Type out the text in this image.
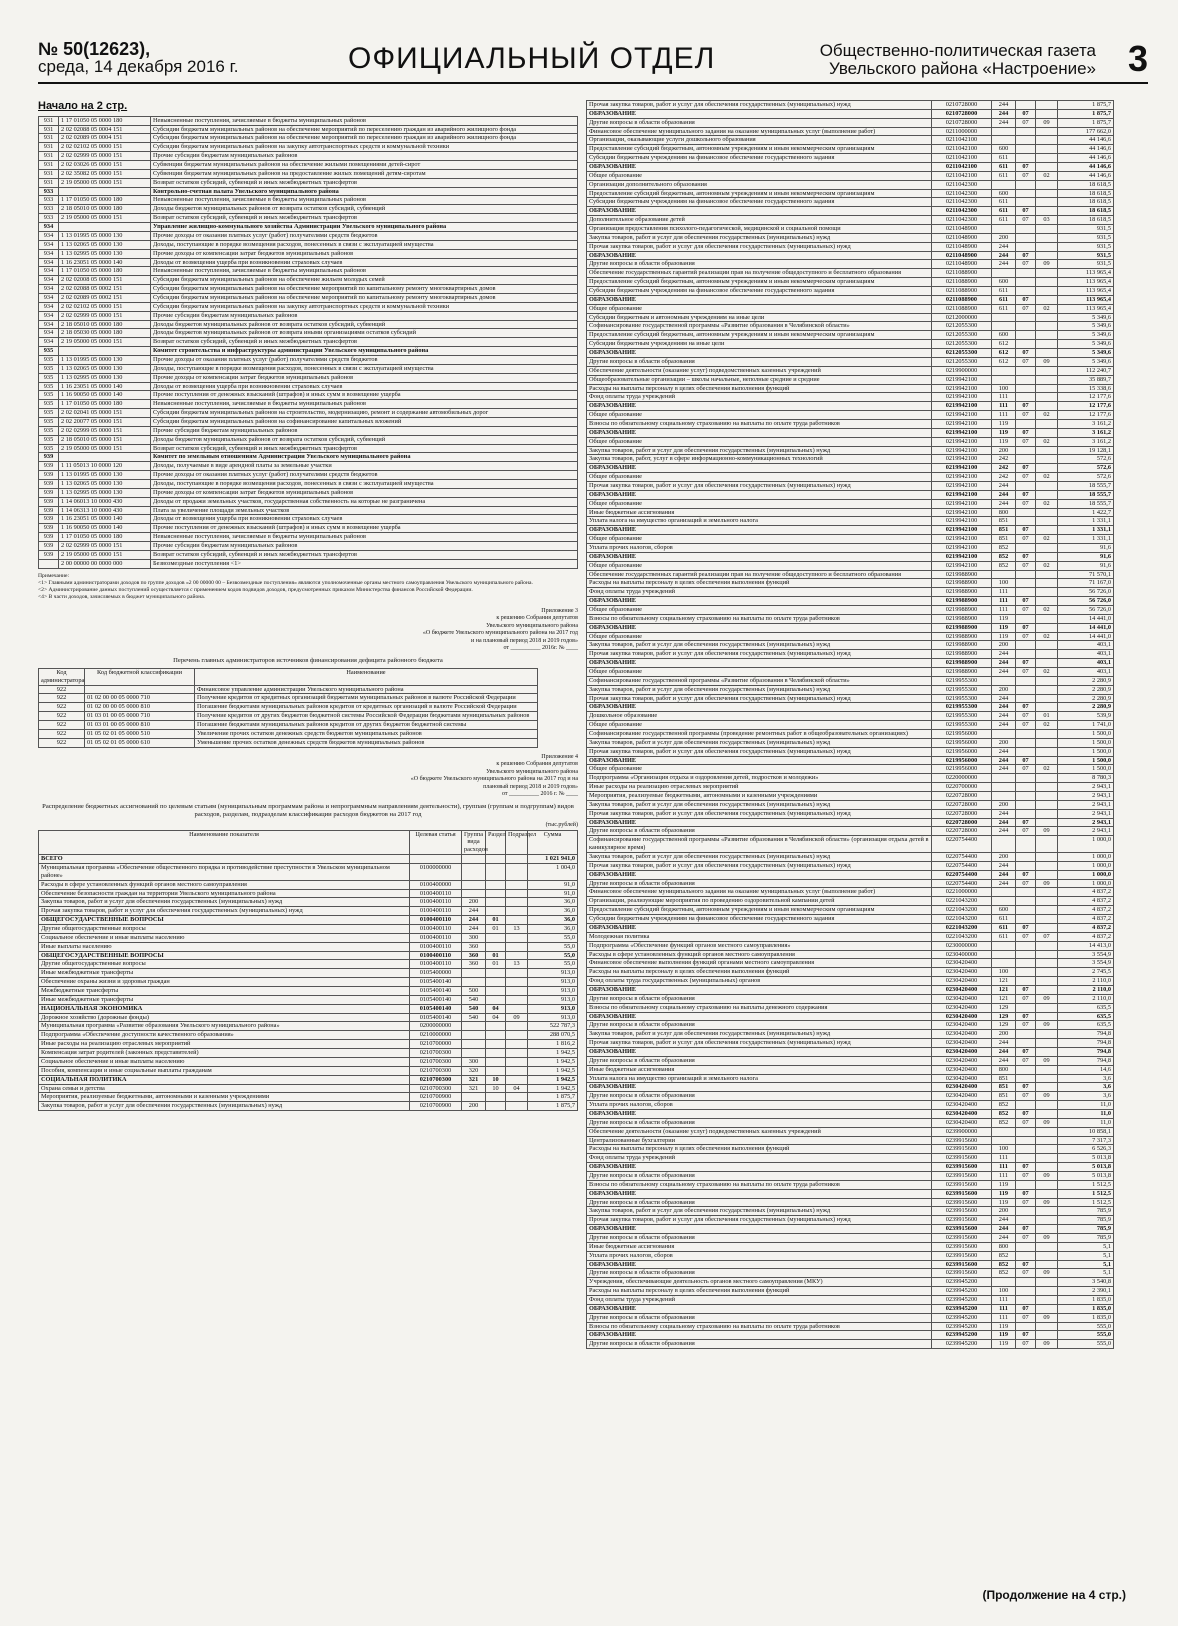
№ 50(12623),
среда, 14 декабря 2016 г.	ОФИЦИАЛЬНЫЙ ОТДЕЛ	Общественно-политическая газета
Увельского района «Настроение» 3
Начало на 2 стр.
931	1 17 01050 05 0000 180	Невыясненные поступления, зачисляемые в бюджеты муниципальных районов
931	2 02 02088 05 0004 151	Субсидии бюджетам муниципальных районов на обеспечение мероприятий по переселению граждан из аварийного жилищного фонда
931	2 02 02089 05 0004 151	Субсидии бюджетам муниципальных районов на обеспечение мероприятий по переселению граждан из аварийного жилищного фонда
931	2 02 02102 05 0000 151	Субсидии бюджетам муниципальных районов на закупку автотранспортных средств и коммунальной техники
931	2 02 02999 05 0000 151	Прочие субсидии бюджетам муниципальных районов
931	2 02 03026 05 0000 151	Субвенции бюджетам муниципальных районов на обеспечение жилыми помещениями детей-сирот
931	2 02 35082 05 0000 151	Субвенции бюджетам муниципальных районов на предоставление жилых помещений детям-сиротам
931	2 19 05000 05 0000 151	Возврат остатков субсидий, субвенций и иных межбюджетных трансфертов
933		Контрольно-счетная палата Увельского муниципального района
933	1 17 01050 05 0000 180	Невыясненные поступления, зачисляемые в бюджеты муниципальных районов
933	2 18 05010 05 0000 180	Доходы бюджетов муниципальных районов от возврата остатков субсидий, субвенций
933	2 19 05000 05 0000 151	Возврат остатков субсидий, субвенций и иных межбюджетных трансфертов
934		Управление жилищно-коммунального хозяйства Администрации Увельского муниципального района
934	1 13 01995 05 0000 130	Прочие доходы от оказания платных услуг (работ) получателями средств бюджетов
934	1 13 02065 05 0000 130	Доходы, поступающие в порядке возмещения расходов, понесенных в связи с эксплуатацией имущества
934	1 13 02995 05 0000 130	Прочие доходы от компенсации затрат бюджетов муниципальных районов
934	1 16 23051 05 0000 140	Доходы от возмещения ущерба при возникновении страховых случаев
934	1 17 01050 05 0000 180	Невыясненные поступления, зачисляемые в бюджеты муниципальных районов
934	2 02 02008 05 0000 151	Субсидии бюджетам муниципальных районов на обеспечение жильем молодых семей
934	2 02 02088 05 0002 151	Субсидии бюджетам муниципальных районов на обеспечение мероприятий по капитальному ремонту многоквартирных домов
934	2 02 02089 05 0002 151	Субсидии бюджетам муниципальных районов на обеспечение мероприятий по капитальному ремонту многоквартирных домов
934	2 02 02102 05 0000 151	Субсидии бюджетам муниципальных районов на закупку автотранспортных средств и коммунальной техники
934	2 02 02999 05 0000 151	Прочие субсидии бюджетам муниципальных районов
934	2 18 05010 05 0000 180	Доходы бюджетов муниципальных районов от возврата остатков субсидий, субвенций
934	2 18 05030 05 0000 180	Доходы бюджетов муниципальных районов от возврата иными организациями остатков субсидий
934	2 19 05000 05 0000 151	Возврат остатков субсидий, субвенций и иных межбюджетных трансфертов
935		Комитет строительства и инфраструктуры администрации Увельского муниципального района
935	1 13 01995 05 0000 130	Прочие доходы от оказания платных услуг (работ) получателями средств бюджетов
935	1 13 02065 05 0000 130	Доходы, поступающие в порядке возмещения расходов, понесенных в связи с эксплуатацией имущества
935	1 13 02995 05 0000 130	Прочие доходы от компенсации затрат бюджетов муниципальных районов
935	1 16 23051 05 0000 140	Доходы от возмещения ущерба при возникновении страховых случаев
935	1 16 90050 05 0000 140	Прочие поступления от денежных взысканий (штрафов) и иных сумм в возмещение ущерба
935	1 17 01050 05 0000 180	Невыясненные поступления, зачисляемые в бюджеты муниципальных районов
935	2 02 02041 05 0000 151	Субсидии бюджетам муниципальных районов на строительство, модернизацию, ремонт и содержание автомобильных дорог
935	2 02 20077 05 0000 151	Субсидии бюджетам муниципальных районов на софинансирование капитальных вложений
935	2 02 02999 05 0000 151	Прочие субсидии бюджетам муниципальных районов
935	2 18 05010 05 0000 151	Доходы бюджетов муниципальных районов от возврата остатков субсидий, субвенций
935	2 19 05000 05 0000 151	Возврат остатков субсидий, субвенций и иных межбюджетных трансфертов
939		Комитет по земельным отношениям Администрации Увельского муниципального района
939	1 11 05013 10 0000 120	Доходы, получаемые в виде арендной платы за земельные участки
939	1 13 01995 05 0000 130	Прочие доходы от оказания платных услуг (работ) получателями средств бюджетов
939	1 13 02065 05 0000 130	Доходы, поступающие в порядке возмещения расходов, понесенных в связи с эксплуатацией имущества
939	1 13 02995 05 0000 130	Прочие доходы от компенсации затрат бюджетов муниципальных районов
939	1 14 06013 10 0000 430	Доходы от продажи земельных участков, государственная собственность на которые не разграничена
939	1 14 06313 10 0000 430	Плата за увеличение площади земельных участков
939	1 16 23051 05 0000 140	Доходы от возмещения ущерба при возникновении страховых случаев
939	1 16 90050 05 0000 140	Прочие поступления от денежных взысканий (штрафов) и иных сумм в возмещение ущерба
939	1 17 01050 05 0000 180	Невыясненные поступления, зачисляемые в бюджеты муниципальных районов
939	2 02 02999 05 0000 151	Прочие субсидии бюджетам муниципальных районов
939	2 19 05000 05 0000 151	Возврат остатков субсидий, субвенций и иных межбюджетных трансфертов
	2 00 00000 00 0000 000	Безвозмездные поступления <1>
Примечание:
<1> Главными администраторами доходов по группе доходов «2 00 00000 00 – Безвозмездные поступления» являются уполномоченные органы местного самоуправления Увельского муниципального района.
<2> Администрирование данных поступлений осуществляется с применением кодов подвидов доходов, предусмотренных приказом Министерства финансов Российской Федерации.
<4> В части доходов, зачисляемых в бюджет муниципального района.
Приложение 3
к решению Собрания депутатов
Увельского муниципального района
«О бюджете Увельского муниципального района на 2017 год
и на плановый период 2018 и 2019 годов»
от __________ 2016г. № ____
Перечень главных администраторов источников финансирования дефицита районного бюджета
Код администратора	Код бюджетной классификации	Наименование
922		Финансовое управление администрации Увельского муниципального района
922	01 02 00 00 05 0000 710	Получение кредитов от кредитных организаций бюджетами муниципальных районов в валюте Российской Федерации
922	01 02 00 00 05 0000 810	Погашение бюджетами муниципальных районов кредитов от кредитных организаций в валюте Российской Федерации
922	01 03 01 00 05 0000 710	Получение кредитов от других бюджетов бюджетной системы Российской Федерации бюджетами муниципальных районов
922	01 03 01 00 05 0000 810	Погашение бюджетами муниципальных районов кредитов от других бюджетов бюджетной системы
922	01 05 02 01 05 0000 510	Увеличение прочих остатков денежных средств бюджетов муниципальных районов
922	01 05 02 01 05 0000 610	Уменьшение прочих остатков денежных средств бюджетов муниципальных районов
Приложение 4
к решению Собрания депутатов
Увельского муниципального района
«О бюджете Увельского муниципального района на 2017 год и на
плановый период 2018 и 2019 годов»
от __________ 2016 г. № ____
Распределение бюджетных ассигнований по целевым статьям (муниципальным программам района и непрограммным направлениям деятельности), группам (группам и подгруппам) видов расходов, разделам, подразделам классификации расходов бюджетов на 2017 год
(тыс.рублей)
Наименование показателя	Целевая статья	Группа вида расходов	Раздел	Подраздел	Сумма
ВСЕГО					1 021 941,0
Муниципальная программа «Обеспечение общественного порядка и противодействие преступности в Увельском муниципальном районе»	0100000000				1 004,0
Расходы в сфере установленных функций органов местного самоуправления	0100400000				91,0
Обеспечение безопасности граждан на территории Увельского муниципального района	0100400110				91,0
Закупка товаров, работ и услуг для обеспечения государственных (муниципальных) нужд	0100400110	200			36,0
Прочая закупка товаров, работ и услуг для обеспечения государственных (муниципальных) нужд	0100400110	244			36,0
ОБЩЕГОСУДАРСТВЕННЫЕ ВОПРОСЫ	0100400110	244	01		36,0
Другие общегосударственные вопросы	0100400110	244	01	13	36,0
Социальное обеспечение и иные выплаты населению	0100400110	300			55,0
Иные выплаты населению	0100400110	360			55,0
ОБЩЕГОСУДАРСТВЕННЫЕ ВОПРОСЫ	0100400110	360	01		55,0
Другие общегосударственные вопросы	0100400110	360	01	13	55,0
Иные межбюджетные трансферты	0105400000				913,0
Обеспечение охраны жизни и здоровья граждан	0105400140				913,0
Межбюджетные трансферты	0105400140	500			913,0
Иные межбюджетные трансферты	0105400140	540			913,0
НАЦИОНАЛЬНАЯ ЭКОНОМИКА	0105400140	540	04		913,0
Дорожное хозяйство (дорожные фонды)	0105400140	540	04	09	913,0
Муниципальная программа «Развитие образования Увельского муниципального района»	0200000000				522 787,3
Подпрограмма «Обеспечение доступности качественного образования»	0210000000				288 070,5
Иные расходы на реализацию отраслевых мероприятий	0210700000				1 816,2
Компенсация затрат родителей (законных представителей)	0210700300				1 942,5
Социальное обеспечение и иные выплаты населению	0210700300	300			1 942,5
Пособия, компенсации и иные социальные выплаты гражданам	0210700300	320			1 942,5
СОЦИАЛЬНАЯ ПОЛИТИКА	0210700300	321	10		1 942,5
Охрана семьи и детства	0210700300	321	10	04	1 942,5
Мероприятия, реализуемые бюджетными, автономными и казенными учреждениями	0210700900				1 875,7
Закупка товаров, работ и услуг для обеспечения государственных (муниципальных) нужд	0210700900	200			1 875,7
Прочая закупка товаров, работ и услуг для обеспечения государственных (муниципальных) нужд	0210728000	244			1 875,7
ОБРАЗОВАНИЕ	0210728000	244	07		1 875,7
Другие вопросы в области образования	0210728000	244	07	09	1 875,7
Финансовое обеспечение муниципального задания на оказание муниципальных услуг (выполнение работ)	0211000000				177 662,0
Организации, оказывающие услуги дошкольного образования	0211042100				44 146,6
Предоставление субсидий бюджетным, автономным учреждениям и иным некоммерческим организациям	0211042100	600			44 146,6
Субсидии бюджетным учреждениям на финансовое обеспечение государственного задания	0211042100	611			44 146,6
ОБРАЗОВАНИЕ	0211042100	611	07		44 146,6
Общее образование	0211042100	611	07	02	44 146,6
Организации дополнительного образования	0211042300				18 618,5
Предоставление субсидий бюджетным, автономным учреждениям и иным некоммерческим организациям	0211042300	600			18 618,5
Субсидии бюджетным учреждениям на финансовое обеспечение государственного задания	0211042300	611			18 618,5
ОБРАЗОВАНИЕ	0211042300	611	07		18 618,5
Дополнительное образование детей	0211042300	611	07	03	18 618,5
Организация предоставления психолого-педагогической, медицинской и социальной помощи	0211048900				931,5
Закупка товаров, работ и услуг для обеспечения государственных (муниципальных) нужд	0211048900	200			931,5
Прочая закупка товаров, работ и услуг для обеспечения государственных (муниципальных) нужд	0211048900	244			931,5
ОБРАЗОВАНИЕ	0211048900	244	07		931,5
Другие вопросы в области образования	0211048900	244	07	09	931,5
Обеспечение государственных гарантий реализации прав на получение общедоступного и бесплатного образования	0211088900				113 965,4
Предоставление субсидий бюджетным, автономным учреждениям и иным некоммерческим организациям	0211088900	600			113 965,4
Субсидии бюджетным учреждениям на финансовое обеспечение государственного задания	0211088900	611			113 965,4
ОБРАЗОВАНИЕ	0211088900	611	07		113 965,4
Общее образование	0211088900	611	07	02	113 965,4
Субсидии бюджетным и автономным учреждениям на иные цели	0212000000				5 349,6
Софинансирование государственной программы «Развитие образования в Челябинской области»	0212055300				5 349,6
Предоставление субсидий бюджетным, автономным учреждениям и иным некоммерческим организациям	0212055300	600			5 349,6
Субсидии бюджетным учреждениям на иные цели	0212055300	612			5 349,6
ОБРАЗОВАНИЕ	0212055300	612	07		5 349,6
Другие вопросы в области образования	0212055300	612	07	09	5 349,6
Обеспечение деятельности (оказание услуг) подведомственных казенных учреждений	0219900000				112 240,7
Общеобразовательные организации – школы начальные, неполные средние и средние	0219942100				35 889,7
Расходы на выплаты персоналу в целях обеспечения выполнения функций	0219942100	100			15 338,6
Фонд оплаты труда учреждений	0219942100	111			12 177,6
ОБРАЗОВАНИЕ	0219942100	111	07		12 177,6
Общее образование	0219942100	111	07	02	12 177,6
Взносы по обязательному социальному страхованию на выплаты по оплате труда работников	0219942100	119			3 161,2
ОБРАЗОВАНИЕ	0219942100	119	07		3 161,2
Общее образование	0219942100	119	07	02	3 161,2
Закупка товаров, работ и услуг для обеспечения государственных (муниципальных) нужд	0219942100	200			19 128,1
Закупка товаров, работ, услуг в сфере информационно-коммуникационных технологий	0219942100	242			572,6
ОБРАЗОВАНИЕ	0219942100	242	07		572,6
Общее образование	0219942100	242	07	02	572,6
Прочая закупка товаров, работ и услуг для обеспечения государственных (муниципальных) нужд	0219942100	244			18 555,7
ОБРАЗОВАНИЕ	0219942100	244	07		18 555,7
Общее образование	0219942100	244	07	02	18 555,7
Иные бюджетные ассигнования	0219942100	800			1 422,7
Уплата налога на имущество организаций и земельного налога	0219942100	851			1 331,1
ОБРАЗОВАНИЕ	0219942100	851	07		1 331,1
Общее образование	0219942100	851	07	02	1 331,1
Уплата прочих налогов, сборов	0219942100	852			91,6
ОБРАЗОВАНИЕ	0219942100	852	07		91,6
Общее образование	0219942100	852	07	02	91,6
Обеспечение государственных гарантий реализации прав на получение общедоступного и бесплатного образования	0219988900				71 570,1
Расходы на выплаты персоналу в целях обеспечения выполнения функций	0219988900	100			71 167,0
Фонд оплаты труда учреждений	0219988900	111			56 726,0
ОБРАЗОВАНИЕ	0219988900	111	07		56 726,0
Общее образование	0219988900	111	07	02	56 726,0
Взносы по обязательному социальному страхованию на выплаты по оплате труда работников	0219988900	119			14 441,0
ОБРАЗОВАНИЕ	0219988900	119	07		14 441,0
Общее образование	0219988900	119	07	02	14 441,0
Закупка товаров, работ и услуг для обеспечения государственных (муниципальных) нужд	0219988900	200			403,1
Прочая закупка товаров, работ и услуг для обеспечения государственных (муниципальных) нужд	0219988900	244			403,1
ОБРАЗОВАНИЕ	0219988900	244	07		403,1
Общее образование	0219988900	244	07	02	403,1
Софинансирование государственной программы «Развитие образования в Челябинской области»	0219955300				2 280,9
Закупка товаров, работ и услуг для обеспечения государственных (муниципальных) нужд	0219955300	200			2 280,9
Прочая закупка товаров, работ и услуг для обеспечения государственных (муниципальных) нужд	0219955300	244			2 280,9
ОБРАЗОВАНИЕ	0219955300	244	07		2 280,9
Дошкольное образование	0219955300	244	07	01	539,9
Общее образование	0219955300	244	07	02	1 741,0
Софинансирование государственной программы (проведение ремонтных работ в общеобразовательных организациях)	0219956000				1 500,0
Закупка товаров, работ и услуг для обеспечения государственных (муниципальных) нужд	0219956000	200			1 500,0
Прочая закупка товаров, работ и услуг для обеспечения государственных (муниципальных) нужд	0219956000	244			1 500,0
ОБРАЗОВАНИЕ	0219956000	244	07		1 500,0
Общее образование	0219956000	244	07	02	1 500,0
Подпрограмма «Организация отдыха и оздоровления детей, подростков и молодежи»	0220000000				8 780,3
Иные расходы на реализацию отраслевых мероприятий	0220700000				2 943,1
Мероприятия, реализуемые бюджетными, автономными и казенными учреждениями	0220728000				2 943,1
Закупка товаров, работ и услуг для обеспечения государственных (муниципальных) нужд	0220728000	200			2 943,1
Прочая закупка товаров, работ и услуг для обеспечения государственных (муниципальных) нужд	0220728000	244			2 943,1
ОБРАЗОВАНИЕ	0220728000	244	07		2 943,1
Другие вопросы в области образования	0220728000	244	07	09	2 943,1
Софинансирование государственной программы «Развитие образования в Челябинской области» (организация отдыха детей в каникулярное время)	0220754400				1 000,0
Закупка товаров, работ и услуг для обеспечения государственных (муниципальных) нужд	0220754400	200			1 000,0
Прочая закупка товаров, работ и услуг для обеспечения государственных (муниципальных) нужд	0220754400	244			1 000,0
ОБРАЗОВАНИЕ	0220754400	244	07		1 000,0
Другие вопросы в области образования	0220754400	244	07	09	1 000,0
Финансовое обеспечение муниципального задания на оказание муниципальных услуг (выполнение работ)	0221000000				4 837,2
Организации, реализующие мероприятия по проведению оздоровительной кампании детей	0221043200				4 837,2
Предоставление субсидий бюджетным, автономным учреждениям и иным некоммерческим организациям	0221043200	600			4 837,2
Субсидии бюджетным учреждениям на финансовое обеспечение государственного задания	0221043200	611			4 837,2
ОБРАЗОВАНИЕ	0221043200	611	07		4 837,2
Молодежная политика	0221043200	611	07	07	4 837,2
Подпрограмма «Обеспечение функций органов местного самоуправления»	0230000000				14 413,0
Расходы в сфере установленных функций органов местного самоуправления	0230400000				3 554,9
Финансовое обеспечение выполнения функций органами местного самоуправления	0230420400				3 554,9
Расходы на выплаты персоналу в целях обеспечения выполнения функций	0230420400	100			2 745,5
Фонд оплаты труда государственных (муниципальных) органов	0230420400	121			2 110,0
ОБРАЗОВАНИЕ	0230420400	121	07		2 110,0
Другие вопросы в области образования	0230420400	121	07	09	2 110,0
Взносы по обязательному социальному страхованию на выплаты денежного содержания	0230420400	129			635,5
ОБРАЗОВАНИЕ	0230420400	129	07		635,5
Другие вопросы в области образования	0230420400	129	07	09	635,5
Закупка товаров, работ и услуг для обеспечения государственных (муниципальных) нужд	0230420400	200			794,8
Прочая закупка товаров, работ и услуг для обеспечения государственных (муниципальных) нужд	0230420400	244			794,8
ОБРАЗОВАНИЕ	0230420400	244	07		794,8
Другие вопросы в области образования	0230420400	244	07	09	794,8
Иные бюджетные ассигнования	0230420400	800			14,6
Уплата налога на имущество организаций и земельного налога	0230420400	851			3,6
ОБРАЗОВАНИЕ	0230420400	851	07		3,6
Другие вопросы в области образования	0230420400	851	07	09	3,6
Уплата прочих налогов, сборов	0230420400	852			11,0
ОБРАЗОВАНИЕ	0230420400	852	07		11,0
Другие вопросы в области образования	0230420400	852	07	09	11,0
Обеспечение деятельности (оказание услуг) подведомственных казенных учреждений	0239900000				10 858,1
Централизованные бухгалтерии	0239915600				7 317,3
Расходы на выплаты персоналу в целях обеспечения выполнения функций	0239915600	100			6 526,3
Фонд оплаты труда учреждений	0239915600	111			5 013,8
ОБРАЗОВАНИЕ	0239915600	111	07		5 013,8
Другие вопросы в области образования	0239915600	111	07	09	5 013,8
Взносы по обязательному социальному страхованию на выплаты по оплате труда работников	0239915600	119			1 512,5
ОБРАЗОВАНИЕ	0239915600	119	07		1 512,5
Другие вопросы в области образования	0239915600	119	07	09	1 512,5
Закупка товаров, работ и услуг для обеспечения государственных (муниципальных) нужд	0239915600	200			785,9
Прочая закупка товаров, работ и услуг для обеспечения государственных (муниципальных) нужд	0239915600	244			785,9
ОБРАЗОВАНИЕ	0239915600	244	07		785,9
Другие вопросы в области образования	0239915600	244	07	09	785,9
Иные бюджетные ассигнования	0239915600	800			5,1
Уплата прочих налогов, сборов	0239915600	852			5,1
ОБРАЗОВАНИЕ	0239915600	852	07		5,1
Другие вопросы в области образования	0239915600	852	07	09	5,1
Учреждения, обеспечивающие деятельность органов местного самоуправления (МКУ)	0239945200				3 540,8
Расходы на выплаты персоналу в целях обеспечения выполнения функций	0239945200	100			2 390,1
Фонд оплаты труда учреждений	0239945200	111			1 835,0
ОБРАЗОВАНИЕ	0239945200	111	07		1 835,0
Другие вопросы в области образования	0239945200	111	07	09	1 835,0
Взносы по обязательному социальному страхованию на выплаты по оплате труда работников	0239945200	119			555,0
ОБРАЗОВАНИЕ	0239945200	119	07		555,0
Другие вопросы в области образования	0239945200	119	07	09	555,0
(Продолжение на 4 стр.)
